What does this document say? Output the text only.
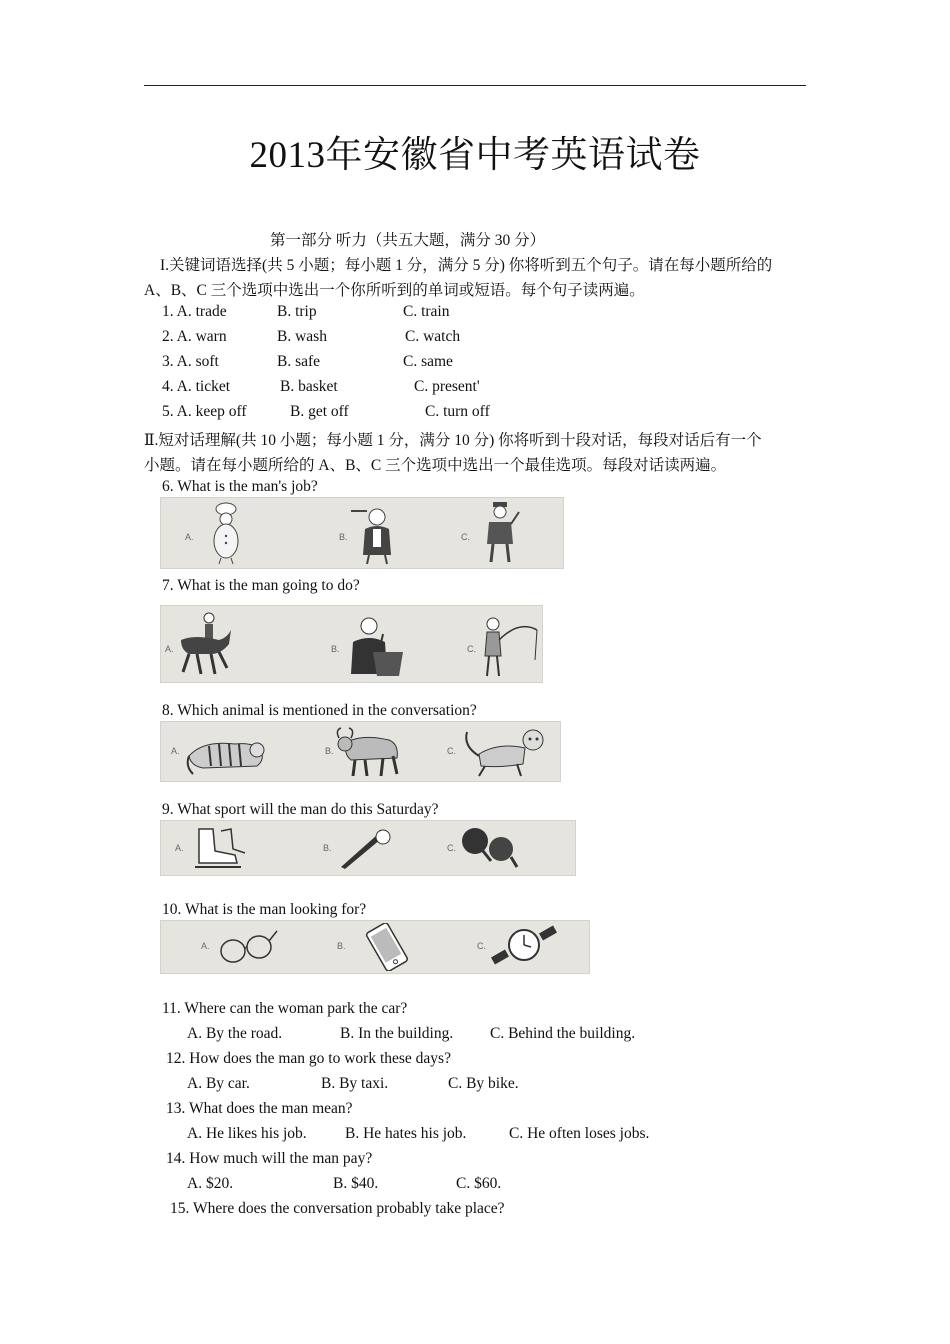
2013年安徽省中考英语试卷
第一部分 听力（共五大题，满分 30 分）
I.关键词语选择(共 5 小题；每小题 1 分，满分 5 分) 你将听到五个句子。请在每小题所给的
A、B、C 三个选项中选出一个你所听到的单词或短语。每个句子读两遍。
1. A. trade	B. trip	C. train
2. A. warn	B. wash	C. watch
3. A. soft	B. safe	C. same
4. A. ticket	B. basket	C. present'
5. A. keep off	B. get off	C. turn off
Ⅱ.短对话理解(共 10 小题；每小题 1 分，满分 10 分) 你将听到十段对话，每段对话后有一个
小题。请在每小题所给的 A、B、C 三个选项中选出一个最佳选项。每段对话读两遍。
6. What is the man's job?
A.	B.	C.
7. What is the man going to do?
A.	B.	C.
8. Which animal is mentioned in the conversation?
A.	B.	C.
9. What sport will the man do this Saturday?
A.	B.	C.
10. What is the man looking for?
A.	B.	C.
11. Where can the woman park the car?
A. By the road.	B. In the building. C. Behind the building.
12. How does the man go to work these days?
A. By car.	B. By taxi.	C. By bike.
13. What does the man mean?
A. He likes his job. B. He hates his job.	C. He often loses jobs.
14. How much will the man pay?
A. $20.	B. $40.	C. $60.
15. Where does the conversation probably take place?
